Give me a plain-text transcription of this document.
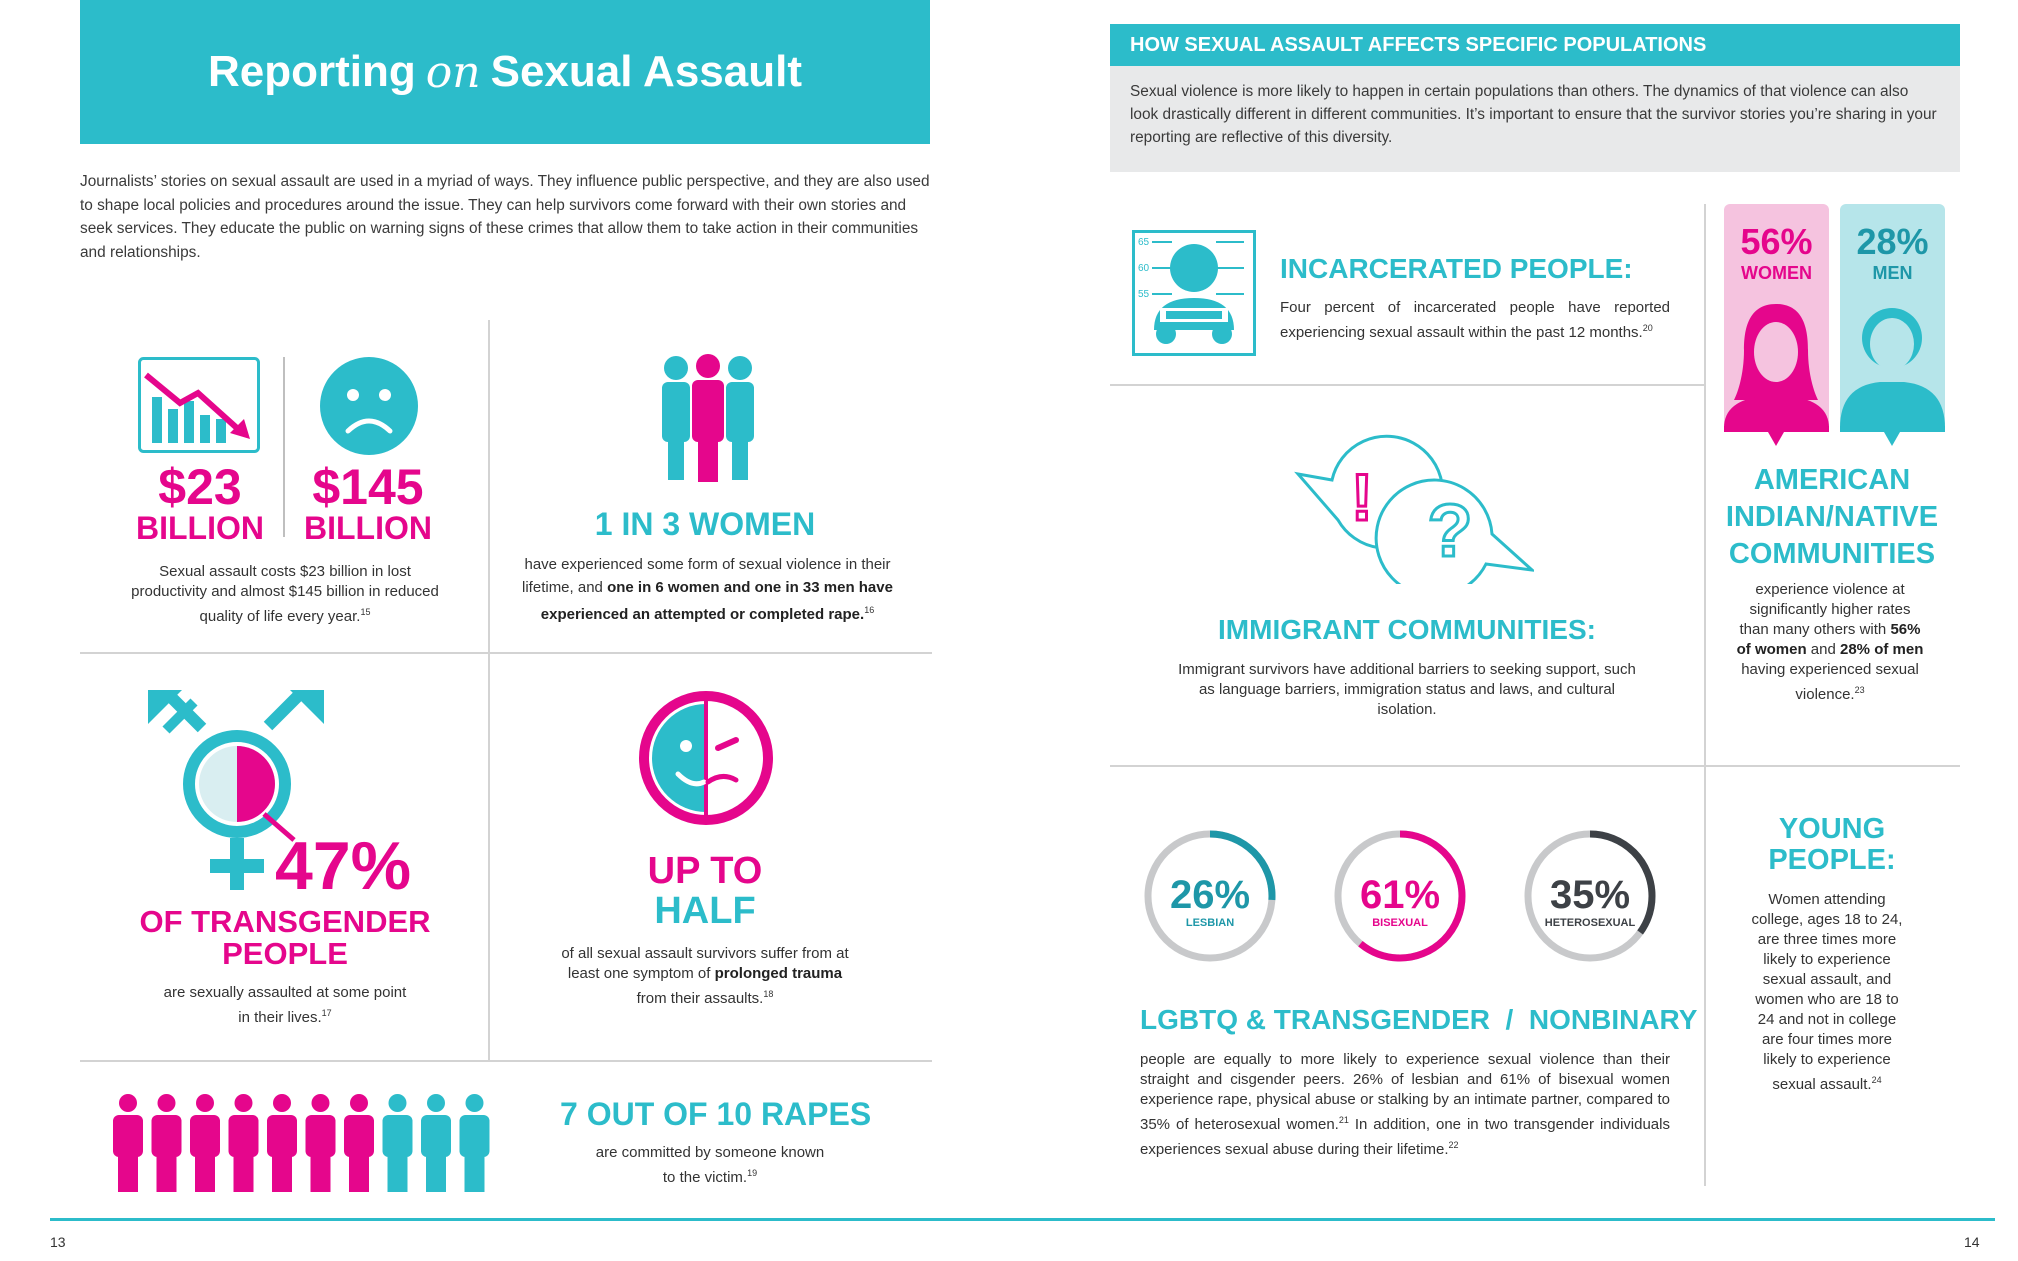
Reporting on Sexual Assault
Journalists’ stories on sexual assault are used in a myriad of ways. They influence public perspective, and they are also used to shape local policies and procedures around the issue. They can help survivors come forward with their own stories and seek services. They educate the public on warning signs of these crimes that allow them to take action in their communities and relationships.
$23
BILLION
$145
BILLION
Sexual assault costs $23 billion in lost productivity and almost $145 billion in reduced quality of life every year.$^{15}$
1 IN 3 WOMEN
have experienced some form of sexual violence in their lifetime, and one in 6 women and one in 33 men have experienced an attempted or completed rape.$^{16}$
47%
OF TRANSGENDER
PEOPLE
are sexually assaulted at some point in their lives.$^{17}$
UP TO
HALF
of all sexual assault survivors suffer from at least one symptom of prolonged trauma from their assaults.$^{18}$
7 OUT OF 10 RAPES
are committed by someone known to the victim.$^{19}$
HOW SEXUAL ASSAULT AFFECTS SPECIFIC POPULATIONS
Sexual violence is more likely to happen in certain populations than others. The dynamics of that violence can also look drastically different in different communities. It’s important to ensure that the survivor stories you’re sharing in your reporting are reflective of this diversity.
65
60
55
INCARCERATED PEOPLE:
Four percent of incarcerated people have reported experiencing sexual assault within the past 12 months.$^{20}$
! ?
IMMIGRANT COMMUNITIES:
Immigrant survivors have additional barriers to seeking support, such as language barriers, immigration status and laws, and cultural isolation.
56%
WOMEN
28%
MEN
AMERICAN
INDIAN/NATIVE
COMMUNITIES
experience violence at significantly higher rates than many others with 56% of women and 28% of men having experienced sexual violence.$^{23}$
26%
LESBIAN
61%
BISEXUAL
35%
HETEROSEXUAL
LGBTQ & TRANSGENDER  /  NONBINARY
people are equally to more likely to experience sexual violence than their straight and cisgender peers. 26% of lesbian and 61% of bisexual women experience rape, physical abuse or stalking by an intimate partner, compared to 35% of heterosexual women.$^{21}$ In addition, one in two transgender individuals experiences sexual abuse during their lifetime.$^{22}$
YOUNG
PEOPLE:
Women attending college, ages 18 to 24, are three times more likely to experience sexual assault, and women who are 18 to 24 and not in college are four times more likely to experience sexual assault.$^{24}$
13	14
